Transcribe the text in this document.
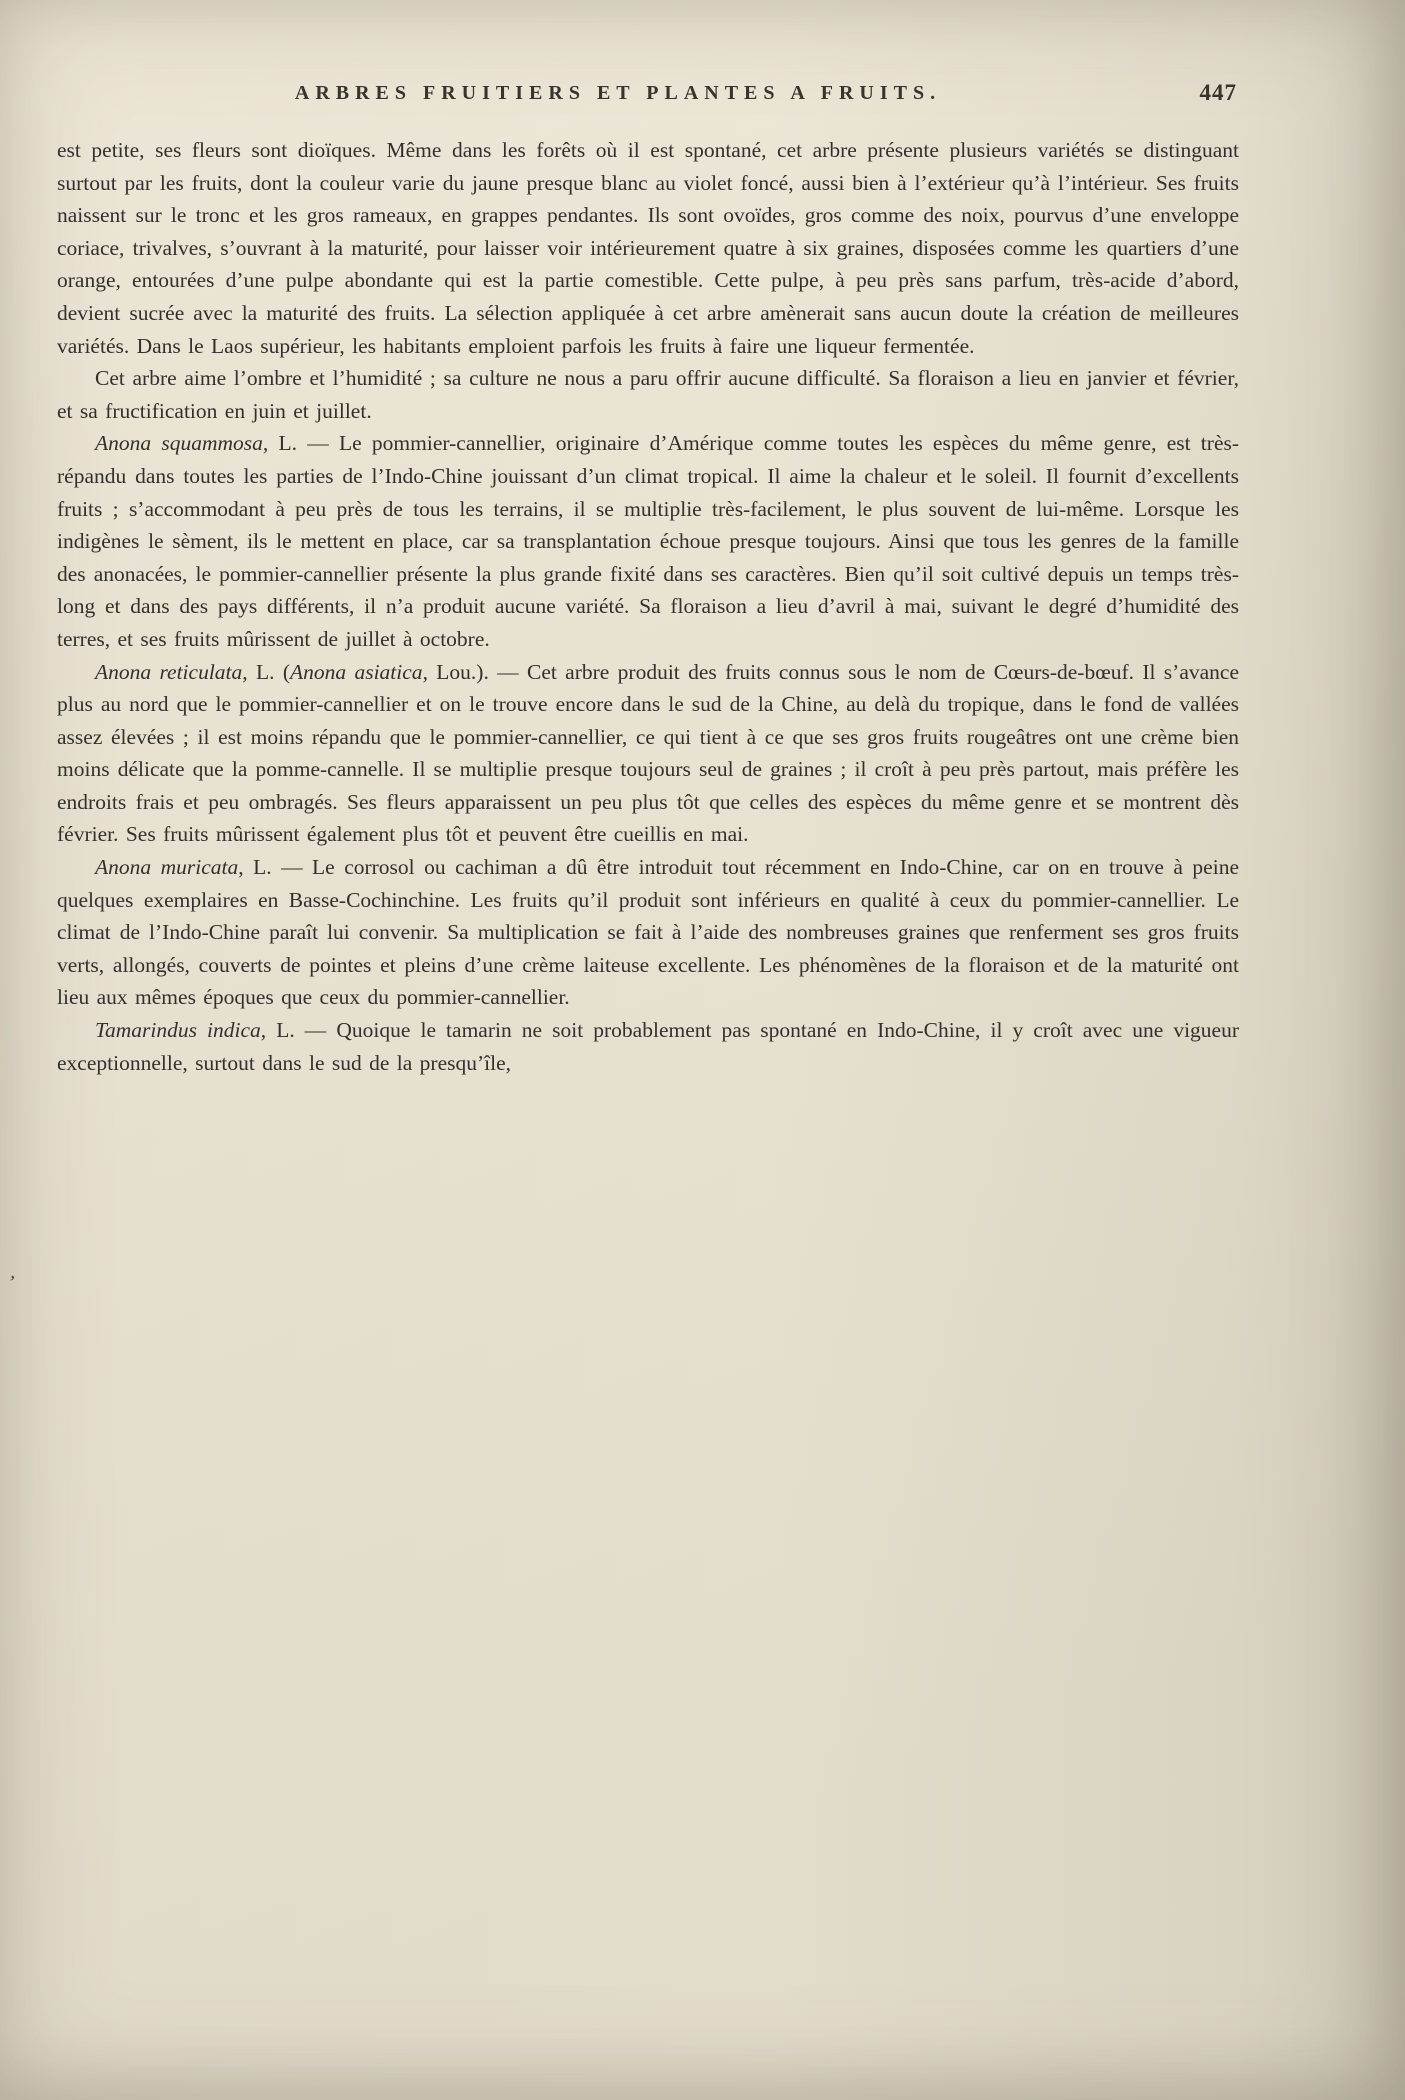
’
ARBRES FRUITIERS ET PLANTES A FRUITS.	447

est petite, ses fleurs sont dioïques. Même dans les forêts où il est spontané, cet arbre présente plusieurs variétés se distinguant surtout par les fruits, dont la couleur varie du jaune presque blanc au violet foncé, aussi bien à l’extérieur qu’à l’intérieur. Ses fruits naissent sur le tronc et les gros rameaux, en grappes pendantes. Ils sont ovoïdes, gros comme des noix, pourvus d’une enveloppe coriace, trivalves, s’ouvrant à la maturité, pour laisser voir intérieurement quatre à six graines, disposées comme les quartiers d’une orange, entourées d’une pulpe abondante qui est la partie comestible. Cette pulpe, à peu près sans parfum, très-acide d’abord, devient sucrée avec la maturité des fruits. La sélection appliquée à cet arbre amènerait sans aucun doute la création de meilleures variétés. Dans le Laos supérieur, les habitants emploient parfois les fruits à faire une liqueur fermentée.

Cet arbre aime l’ombre et l’humidité ; sa culture ne nous a paru offrir aucune difficulté. Sa floraison a lieu en janvier et février, et sa fructification en juin et juillet.

Anona squammosa, L. — Le pommier-cannellier, originaire d’Amérique comme toutes les espèces du même genre, est très-répandu dans toutes les parties de l’Indo-Chine jouissant d’un climat tropical. Il aime la chaleur et le soleil. Il fournit d’excellents fruits ; s’accommodant à peu près de tous les terrains, il se multiplie très-facilement, le plus souvent de lui-même. Lorsque les indigènes le sèment, ils le mettent en place, car sa transplantation échoue presque toujours. Ainsi que tous les genres de la famille des anonacées, le pommier-cannellier présente la plus grande fixité dans ses caractères. Bien qu’il soit cultivé depuis un temps très-long et dans des pays différents, il n’a produit aucune variété. Sa floraison a lieu d’avril à mai, suivant le degré d’humidité des terres, et ses fruits mûrissent de juillet à octobre.

Anona reticulata, L. (Anona asiatica, Lou.). — Cet arbre produit des fruits connus sous le nom de Cœurs-de-bœuf. Il s’avance plus au nord que le pommier-cannellier et on le trouve encore dans le sud de la Chine, au delà du tropique, dans le fond de vallées assez élevées ; il est moins répandu que le pommier-cannellier, ce qui tient à ce que ses gros fruits rougeâtres ont une crème bien moins délicate que la pomme-cannelle. Il se multiplie presque toujours seul de graines ; il croît à peu près partout, mais préfère les endroits frais et peu ombragés. Ses fleurs apparaissent un peu plus tôt que celles des espèces du même genre et se montrent dès février. Ses fruits mûrissent également plus tôt et peuvent être cueillis en mai.

Anona muricata, L. — Le corrosol ou cachiman a dû être introduit tout récemment en Indo-Chine, car on en trouve à peine quelques exemplaires en Basse-Cochinchine. Les fruits qu’il produit sont inférieurs en qualité à ceux du pommier-cannellier. Le climat de l’Indo-Chine paraît lui convenir. Sa multiplication se fait à l’aide des nombreuses graines que renferment ses gros fruits verts, allongés, couverts de pointes et pleins d’une crème laiteuse excellente. Les phénomènes de la floraison et de la maturité ont lieu aux mêmes époques que ceux du pommier-cannellier.

Tamarindus indica, L. — Quoique le tamarin ne soit probablement pas spontané en Indo-Chine, il y croît avec une vigueur exceptionnelle, surtout dans le sud de la presqu’île,
